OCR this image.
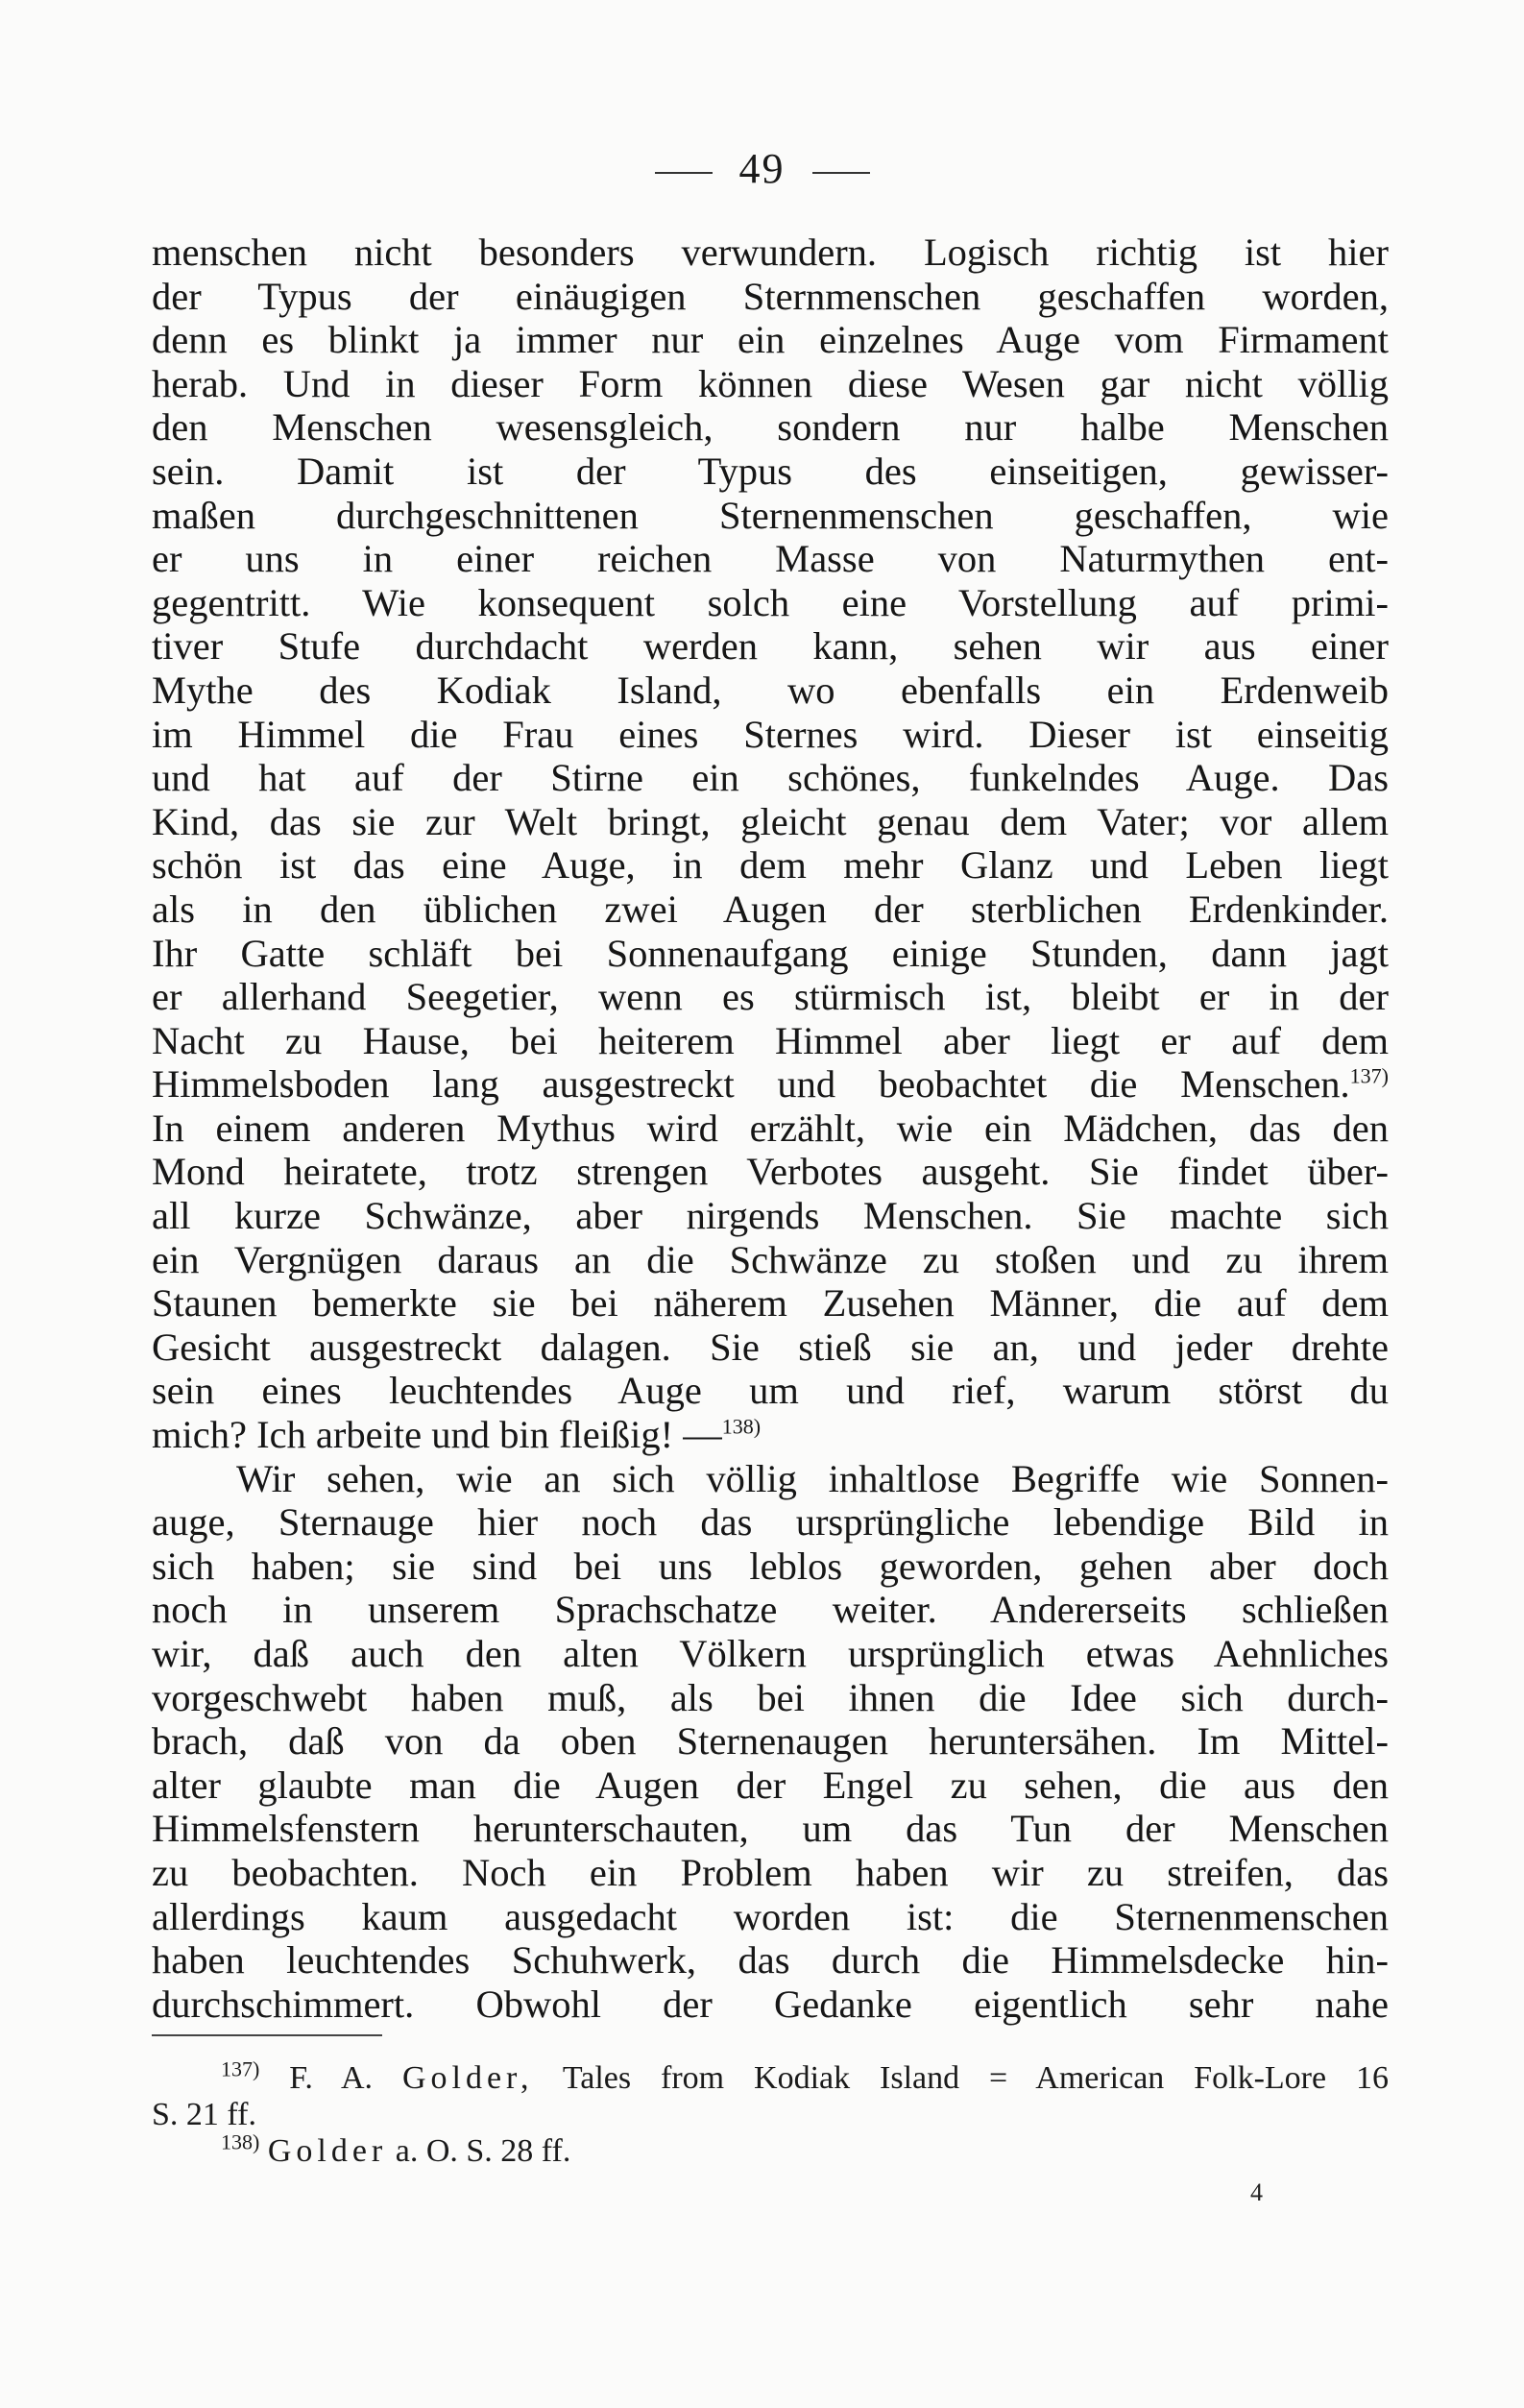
49
menschen nicht besonders verwundern. Logisch richtig ist hier
der Typus der einäugigen Sternmenschen geschaffen worden,
denn es blinkt ja immer nur ein einzelnes Auge vom Firmament
herab. Und in dieser Form können diese Wesen gar nicht völlig
den Menschen wesensgleich, sondern nur halbe Menschen
sein. Damit ist der Typus des einseitigen, gewisser-
maßen durchgeschnittenen Sternenmenschen geschaffen, wie
er uns in einer reichen Masse von Naturmythen ent-
gegentritt. Wie konsequent solch eine Vorstellung auf primi-
tiver Stufe durchdacht werden kann, sehen wir aus einer
Mythe des Kodiak Island, wo ebenfalls ein Erdenweib
im Himmel die Frau eines Sternes wird. Dieser ist einseitig
und hat auf der Stirne ein schönes, funkelndes Auge. Das
Kind, das sie zur Welt bringt, gleicht genau dem Vater; vor allem
schön ist das eine Auge, in dem mehr Glanz und Leben liegt
als in den üblichen zwei Augen der sterblichen Erdenkinder.
Ihr Gatte schläft bei Sonnenaufgang einige Stunden, dann jagt
er allerhand Seegetier, wenn es stürmisch ist, bleibt er in der
Nacht zu Hause, bei heiterem Himmel aber liegt er auf dem
Himmelsboden lang ausgestreckt und beobachtet die Menschen.$^{137)}$
In einem anderen Mythus wird erzählt, wie ein Mädchen, das den
Mond heiratete, trotz strengen Verbotes ausgeht. Sie findet über-
all kurze Schwänze, aber nirgends Menschen. Sie machte sich
ein Vergnügen daraus an die Schwänze zu stoßen und zu ihrem
Staunen bemerkte sie bei näherem Zusehen Männer, die auf dem
Gesicht ausgestreckt dalagen. Sie stieß sie an, und jeder drehte
sein eines leuchtendes Auge um und rief, warum störst du
mich? Ich arbeite und bin fleißig! —$^{138)}$
Wir sehen, wie an sich völlig inhaltlose Begriffe wie Sonnen-
auge, Sternauge hier noch das ursprüngliche lebendige Bild in
sich haben; sie sind bei uns leblos geworden, gehen aber doch
noch in unserem Sprachschatze weiter. Andererseits schließen
wir, daß auch den alten Völkern ursprünglich etwas Aehnliches
vorgeschwebt haben muß, als bei ihnen die Idee sich durch-
brach, daß von da oben Sternenaugen heruntersähen. Im Mittel-
alter glaubte man die Augen der Engel zu sehen, die aus den
Himmelsfenstern herunterschauten, um das Tun der Menschen
zu beobachten. Noch ein Problem haben wir zu streifen, das
allerdings kaum ausgedacht worden ist: die Sternenmenschen
haben leuchtendes Schuhwerk, das durch die Himmelsdecke hin-
durchschimmert. Obwohl der Gedanke eigentlich sehr nahe
$^{137)}$ F. A. Golder, Tales from Kodiak Island = American Folk-Lore 16
S. 21 ff.
$^{138)}$ Golder a. O. S. 28 ff.
4
